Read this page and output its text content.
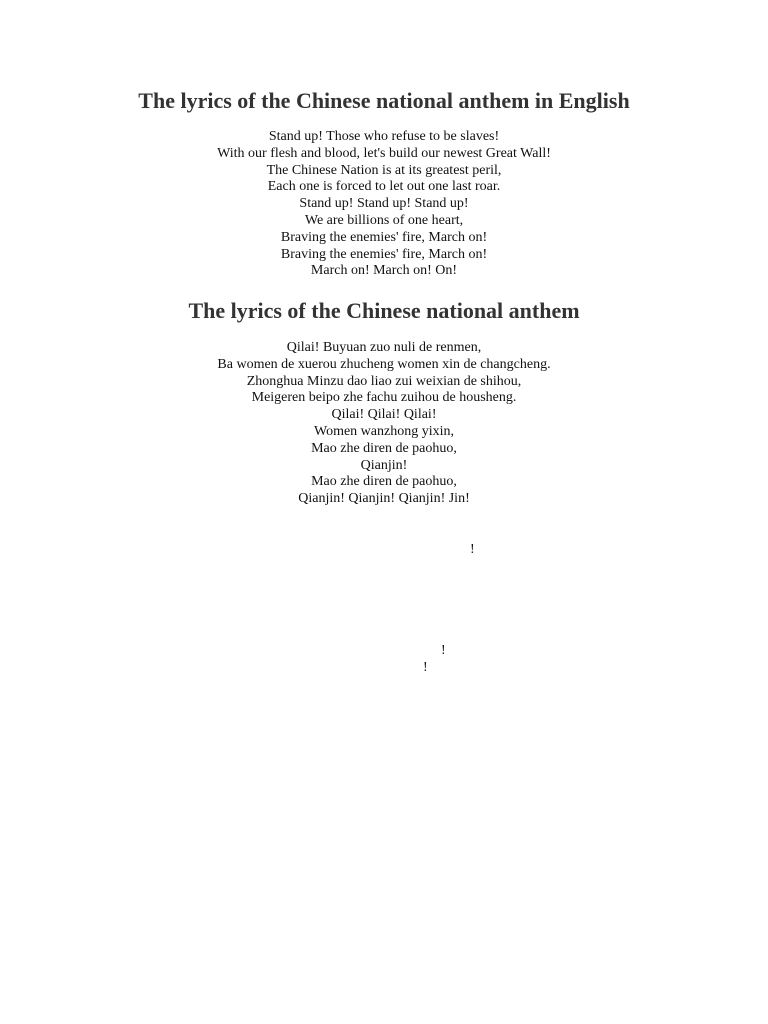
The lyrics of the Chinese national anthem in English
Stand up! Those who refuse to be slaves!
With our flesh and blood, let's build our newest Great Wall!
The Chinese Nation is at its greatest peril,
Each one is forced to let out one last roar.
Stand up! Stand up! Stand up!
We are billions of one heart,
Braving the enemies' fire, March on!
Braving the enemies' fire, March on!
March on! March on! On!
The lyrics of the Chinese national anthem
Qilai! Buyuan zuo nuli de renmen,
Ba women de xuerou zhucheng women xin de changcheng.
Zhonghua Minzu dao liao zui weixian de shihou,
Meigeren beipo zhe fachu zuihou de housheng.
Qilai! Qilai! Qilai!
Women wanzhong yixin,
Mao zhe diren de paohuo,
Qianjin!
Mao zhe diren de paohuo,
Qianjin! Qianjin! Qianjin! Jin!
!
!
!
